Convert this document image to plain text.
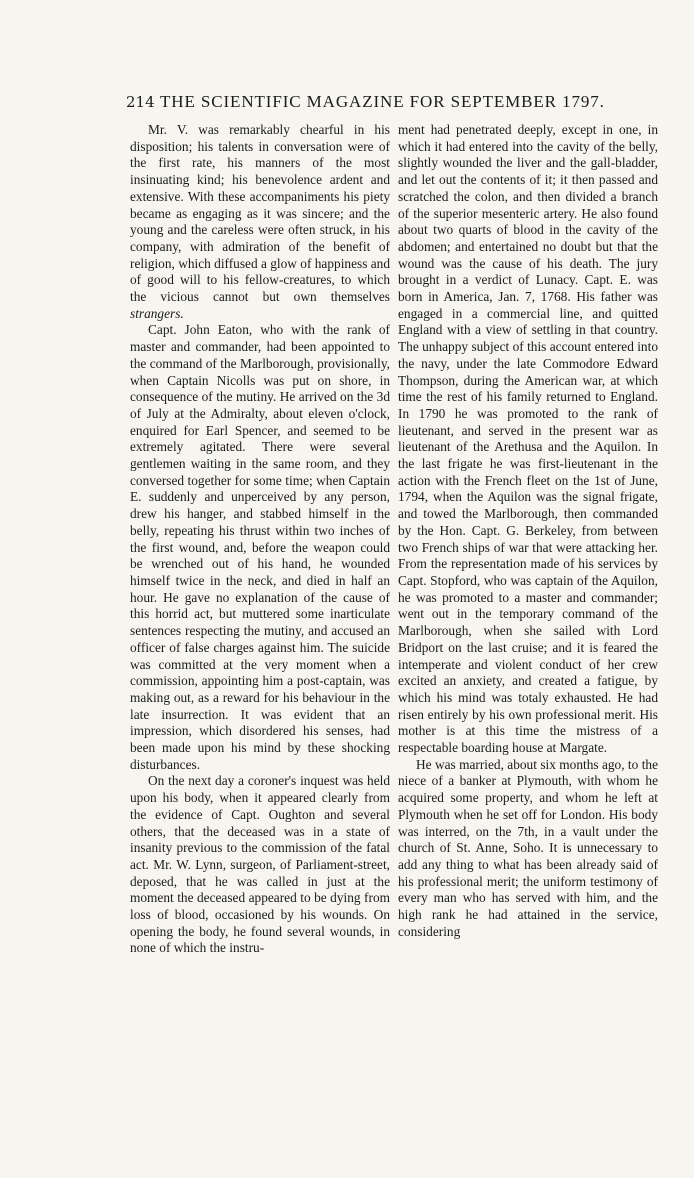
214 THE SCIENTIFIC MAGAZINE FOR SEPTEMBER 1797.

Mr. V. was remarkably chearful in his disposition; his talents in conversation were of the first rate, his manners of the most insinuating kind; his benevolence ardent and extensive. With these accompaniments his piety became as engaging as it was sincere; and the young and the careless were often struck, in his company, with admiration of the benefit of religion, which diffused a glow of happiness and of good will to his fellow-creatures, to which the vicious cannot but own themselves strangers.

Capt. John Eaton, who with the rank of master and commander, had been appointed to the command of the Marlborough, provisionally, when Captain Nicolls was put on shore, in consequence of the mutiny. He arrived on the 3d of July at the Admiralty, about eleven o'clock, enquired for Earl Spencer, and seemed to be extremely agitated. There were several gentlemen waiting in the same room, and they conversed together for some time; when Captain E. suddenly and unperceived by any person, drew his hanger, and stabbed himself in the belly, repeating his thrust within two inches of the first wound, and, before the weapon could be wrenched out of his hand, he wounded himself twice in the neck, and died in half an hour. He gave no explanation of the cause of this horrid act, but muttered some inarticulate sentences respecting the mutiny, and accused an officer of false charges against him. The suicide was committed at the very moment when a commission, appointing him a post-captain, was making out, as a reward for his behaviour in the late insurrection. It was evident that an impression, which disordered his senses, had been made upon his mind by these shocking disturbances.

On the next day a coroner's inquest was held upon his body, when it appeared clearly from the evidence of Capt. Oughton and several others, that the deceased was in a state of insanity previous to the commission of the fatal act. Mr. W. Lynn, surgeon, of Parliament-street, deposed, that he was called in just at the moment the deceased appeared to be dying from loss of blood, occasioned by his wounds. On opening the body, he found several wounds, in none of which the instru-

ment had penetrated deeply, except in one, in which it had entered into the cavity of the belly, slightly wounded the liver and the gall-bladder, and let out the contents of it; it then passed and scratched the colon, and then divided a branch of the superior mesenteric artery. He also found about two quarts of blood in the cavity of the abdomen; and entertained no doubt but that the wound was the cause of his death. The jury brought in a verdict of Lunacy. Capt. E. was born in America, Jan. 7, 1768. His father was engaged in a commercial line, and quitted England with a view of settling in that country. The unhappy subject of this account entered into the navy, under the late Commodore Edward Thompson, during the American war, at which time the rest of his family returned to England. In 1790 he was promoted to the rank of lieutenant, and served in the present war as lieutenant of the Arethusa and the Aquilon. In the last frigate he was first-lieutenant in the action with the French fleet on the 1st of June, 1794, when the Aquilon was the signal frigate, and towed the Marlborough, then commanded by the Hon. Capt. G. Berkeley, from between two French ships of war that were attacking her. From the representation made of his services by Capt. Stopford, who was captain of the Aquilon, he was promoted to a master and commander; went out in the temporary command of the Marlborough, when she sailed with Lord Bridport on the last cruise; and it is feared the intemperate and violent conduct of her crew excited an anxiety, and created a fatigue, by which his mind was totaly exhausted. He had risen entirely by his own professional merit. His mother is at this time the mistress of a respectable boarding house at Margate.

He was married, about six months ago, to the niece of a banker at Plymouth, with whom he acquired some property, and whom he left at Plymouth when he set off for London. His body was interred, on the 7th, in a vault under the church of St. Anne, Soho. It is unnecessary to add any thing to what has been already said of his professional merit; the uniform testimony of every man who has served with him, and the high rank he had attained in the service, considering
